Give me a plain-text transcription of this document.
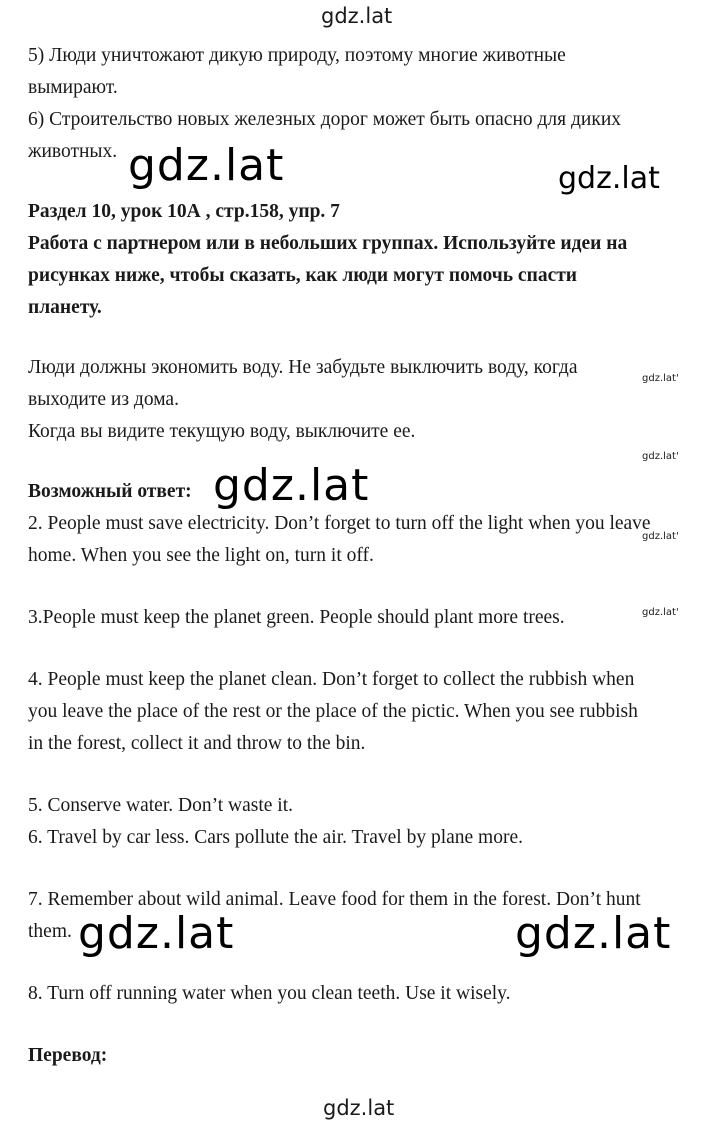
gdz.lat
5) Люди уничтожают дикую природу, поэтому многие животные
вымирают.
6) Строительство новых железных дорог может быть опасно для диких
животных. gdz.lat	gdz.lat
Раздел 10, урок 10А , стр.158, упр. 7
Работа с партнером или в небольших группах. Используйте идеи на
рисунках ниже, чтобы сказать, как люди могут помочь спасти
планету.
Люди должны экономить воду. Не забудьте выключить воду, когда
gdz.lat'
выходите из дома.
Когда вы видите текущую воду, выключите ее.
gdz.lat'
Возможный ответ: gdz.lat
2. People must save electricity. Don’t forget to turn off the light when you leave
gdz.lat'
home. When you see the light on, turn it off.
3.People must keep the planet green. People should plant more trees.	gdz.lat'
4. People must keep the planet clean. Don’t forget to collect the rubbish when
you leave the place of the rest or the place of the pictic. When you see rubbish
in the forest, collect it and throw to the bin.
5. Conserve water. Don’t waste it.
6. Travel by car less. Cars pollute the air. Travel by plane more.
7. Remember about wild animal. Leave food for them in the forest. Don’t hunt
them. gdz.lat	gdz.lat
8. Turn off running water when you clean teeth. Use it wisely.
Перевод:
gdz.lat
